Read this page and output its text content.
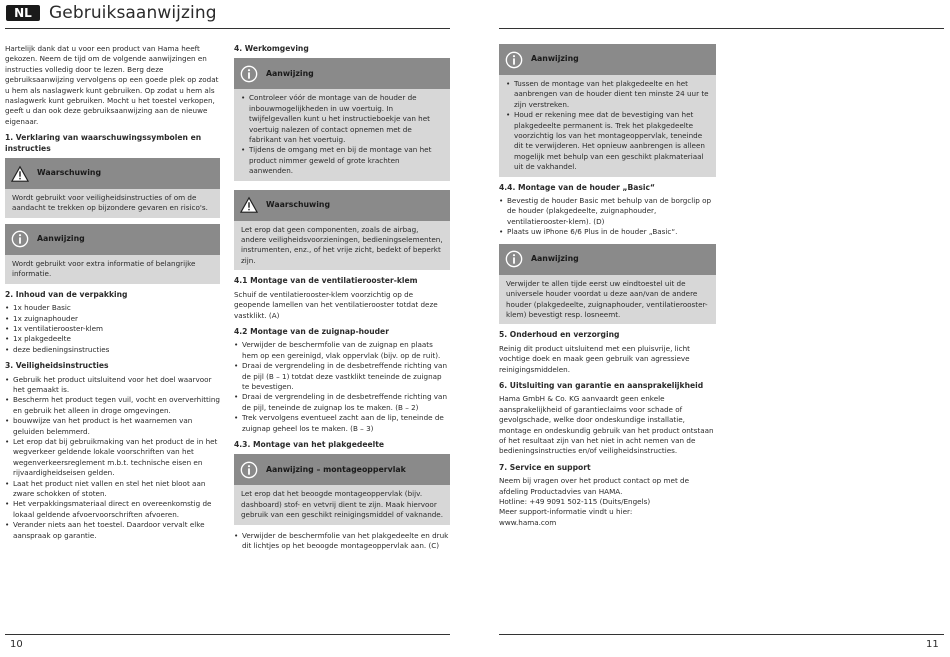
NL	Gebruiksaanwijzing

Hartelijk dank dat u voor een product van Hama heeft gekozen. Neem de tijd om de volgende aanwijzingen en instructies volledig door te lezen. Berg deze gebruiksaanwijzing vervolgens op een goede plek op zodat u hem als naslagwerk kunt gebruiken. Op zodat u hem als naslagwerk kunt gebruiken. Mocht u het toestel verkopen, geeft u dan ook deze gebruiksaanwijzing aan de nieuwe eigenaar.

1. Verklaring van waarschuwingssymbolen en instructies
Waarschuwing
Wordt gebruikt voor veiligheidsinstructies of om de aandacht te trekken op bijzondere gevaren en risico's.
Aanwijzing
Wordt gebruikt voor extra informatie of belangrijke informatie.
2. Inhoud van de verpakking
• 1x houder Basic
• 1x zuignaphouder
• 1x ventilatierooster-klem
• 1x plakgedeelte
• deze bedieningsinstructies
3. Veiligheidsinstructies
• Gebruik het product uitsluitend voor het doel waarvoor het gemaakt is.
• Bescherm het product tegen vuil, vocht en oververhitting en gebruik het alleen in droge omgevingen.
• bouwwijze van het product is het waarnemen van geluiden belemmerd.
• Let erop dat bij gebruikmaking van het product de in het wegverkeer geldende lokale voorschriften van het wegenverkeersreglement m.b.t. technische eisen en rijvaardigheidseisen gelden.
• Laat het product niet vallen en stel het niet bloot aan zware schokken of stoten.
• Het verpakkingsmateriaal direct en overeenkomstig de lokaal geldende afvoervoorschriften afvoeren.
• Verander niets aan het toestel. Daardoor vervalt elke aanspraak op garantie.
4. Werkomgeving
Aanwijzing
• Controleer vóór de montage van de houder de inbouwmogelijkheden in uw voertuig. In twijfelgevallen kunt u het instructieboekje van het voertuig nalezen of contact opnemen met de fabrikant van het voertuig.
• Tijdens de omgang met en bij de montage van het product nimmer geweld of grote krachten aanwenden.
Waarschuwing
Let erop dat geen componenten, zoals de airbag, andere veiligheidsvoorzieningen, bedieningselementen, instrumenten, enz., of het vrije zicht, bedekt of beperkt zijn.
4.1 Montage van de ventilatierooster-klem

Schuif de ventilatierooster-klem voorzichtig op de geopende lamellen van het ventilatierooster totdat deze vastklikt. (A)

4.2 Montage van de zuignap-houder
• Verwijder de beschermfolie van de zuignap en plaats hem op een gereinigd, vlak oppervlak (bijv. op de ruit).
• Draai de vergrendeling in de desbetreffende richting van de pijl (B – 1) totdat deze vastklikt teneinde de zuignap te bevestigen.
• Draai de vergrendeling in de desbetreffende richting van de pijl, teneinde de zuignap los te maken. (B – 2)
• Trek vervolgens eventueel zacht aan de lip, teneinde de zuignap geheel los te maken. (B – 3)
4.3. Montage van het plakgedeelte
Aanwijzing – montageoppervlak
Let erop dat het beoogde montageoppervlak (bijv. dashboard) stof- en vetvrij dient te zijn. Maak hiervoor gebruik van een geschikt reinigingsmiddel of vaknande.
• Verwijder de beschermfolie van het plakgedeelte en druk dit lichtjes op het beoogde montageoppervlak aan. (C)
10
Aanwijzing
• Tussen de montage van het plakgedeelte en het aanbrengen van de houder dient ten minste 24 uur te zijn verstreken.
• Houd er rekening mee dat de bevestiging van het plakgedeelte permanent is. Trek het plakgedeelte voorzichtig los van het montageoppervlak, teneinde dit te verwijderen. Het opnieuw aanbrengen is alleen mogelijk met behulp van een geschikt plakmateriaal uit de vakhandel.
4.4. Montage van de houder „Basic“
• Bevestig de houder Basic met behulp van de borgclip op de houder (plakgedeelte, zuignaphouder, ventilatierooster-klem). (D)
• Plaats uw iPhone 6/6 Plus in de houder „Basic“.
Aanwijzing
Verwijder te allen tijde eerst uw eindtoestel uit de universele houder voordat u deze aan/van de andere houder (plakgedeelte, zuignaphouder, ventilatierooster-klem) bevestigt resp. losneemt.
5. Onderhoud en verzorging

Reinig dit product uitsluitend met een pluisvrije, licht vochtige doek en maak geen gebruik van agressieve reinigingsmiddelen.

6. Uitsluiting van garantie en aansprakelijkheid

Hama GmbH & Co. KG aanvaardt geen enkele aansprakelijkheid of garantieclaims voor schade of gevolgschade, welke door ondeskundige installatie, montage en ondeskundig gebruik van het product ontstaan of het resultaat zijn van het niet in acht nemen van de bedieningsinstructies en/of veiligheidsinstructies.

7. Service en support
Neem bij vragen over het product contact op met de afdeling Productadvies van HAMA.
Hotline: +49 9091 502-115 (Duits/Engels)
Meer support-informatie vindt u hier:
www.hama.com
11
